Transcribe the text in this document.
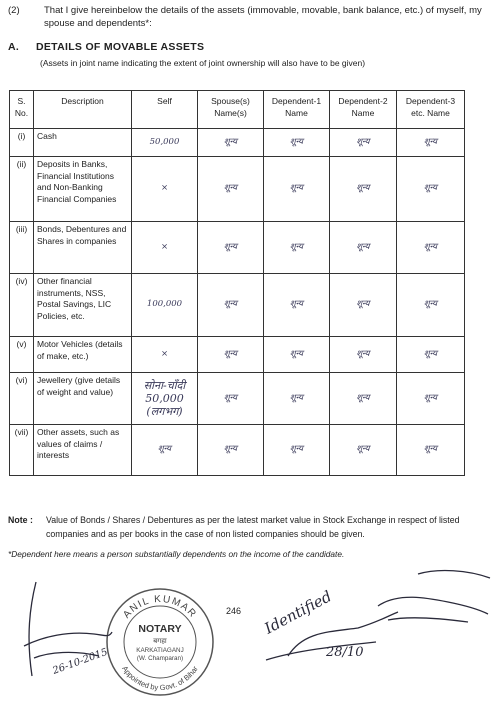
(2)	That I give hereinbelow the details of the assets (immovable, movable, bank balance, etc.) of myself, my spouse and dependents*:
A. DETAILS OF MOVABLE ASSETS
(Assets in joint name indicating the extent of joint ownership will also have to be given)
S. No.	Description	Self	Spouse(s) Name(s)	Dependent-1 Name	Dependent-2 Name	Dependent-3 etc. Name
(i)	Cash	50,000	शून्य	शून्य	शून्य	शून्य
(ii)	Deposits in Banks, Financial Institutions and Non-Banking Financial Companies	×	शून्य	शून्य	शून्य	शून्य
(iii)	Bonds, Debentures and Shares in companies	×	शून्य	शून्य	शून्य	शून्य
(iv)	Other financial instruments, NSS, Postal Savings, LIC Policies, etc.	100,000	शून्य	शून्य	शून्य	शून्य
(v)	Motor Vehicles (details of make, etc.)	×	शून्य	शून्य	शून्य	शून्य
(vi)	Jewellery (give details of weight and value)	सोना-चाँदी 50,000 (लगभग)	शून्य	शून्य	शून्य	शून्य
(vii)	Other assets, such as values of claims / interests	शून्य	शून्य	शून्य	शून्य	शून्य
Note : Value of Bonds / Shares / Debentures as per the latest market value in Stock Exchange in respect of listed companies and as per books in the case of non listed companies should be given.
*Dependent here means a person substantially dependents on the income of the candidate.
246
ANIL KUMAR
Appointed by Govt. of Bihar
NOTARY
बगहा
KARKATIAGANJ
(W. Champaran)
26-10-2015
Identified
28/10
